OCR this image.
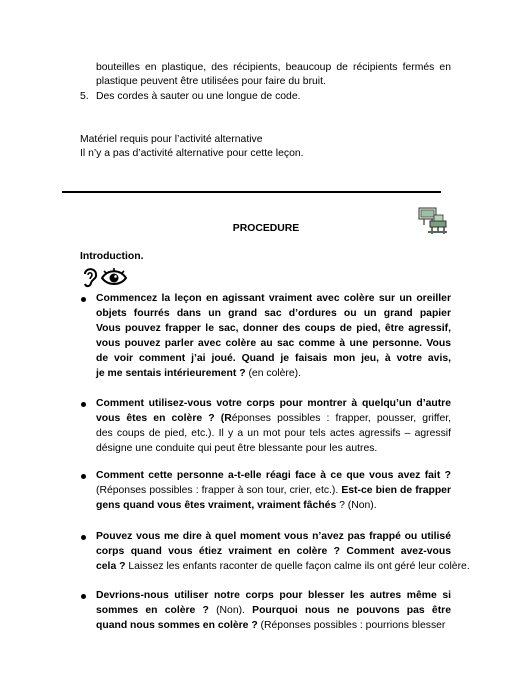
bouteilles en plastique, des récipients, beaucoup de récipients fermés en
plastique peuvent être utilisées pour faire du bruit.
5. Des cordes à sauter ou une longue de code.
Matériel requis pour l’activité alternative
Il n’y a pas d’activité alternative pour cette leçon.
PROCEDURE
Introduction.
Commencez la leçon en agissant vraiment avec colère sur un oreiller
objets fourrés dans un grand sac d’ordures ou un grand papier
Vous pouvez frapper le sac, donner des coups de pied, être agressif,
vous pouvez parler avec colère au sac comme à une personne. Vous
de voir comment j’ai joué. Quand je faisais mon jeu, à votre avis,
je me sentais intérieurement ? (en colère).
Comment utilisez-vous votre corps pour montrer à quelqu’un d’autre
vous êtes en colère ? (Réponses possibles : frapper, pousser, griffer,
des coups de pied, etc.). Il y a un mot pour tels actes agressifs – agressif
désigne une conduite qui peut être blessante pour les autres.
Comment cette personne a-t-elle réagi face à ce que vous avez fait ?
(Réponses possibles : frapper à son tour, crier, etc.). Est-ce bien de frapper
gens quand vous êtes vraiment, vraiment fâchés ? (Non).
Pouvez vous me dire à quel moment vous n’avez pas frappé ou utilisé
corps quand vous étiez vraiment en colère ? Comment avez-vous
cela ? Laissez les enfants raconter de quelle façon calme ils ont géré leur colère.
Devrions-nous utiliser notre corps pour blesser les autres même si
sommes en colère ? (Non). Pourquoi nous ne pouvons pas être
quand nous sommes en colère ? (Réponses possibles : pourrions blesser
